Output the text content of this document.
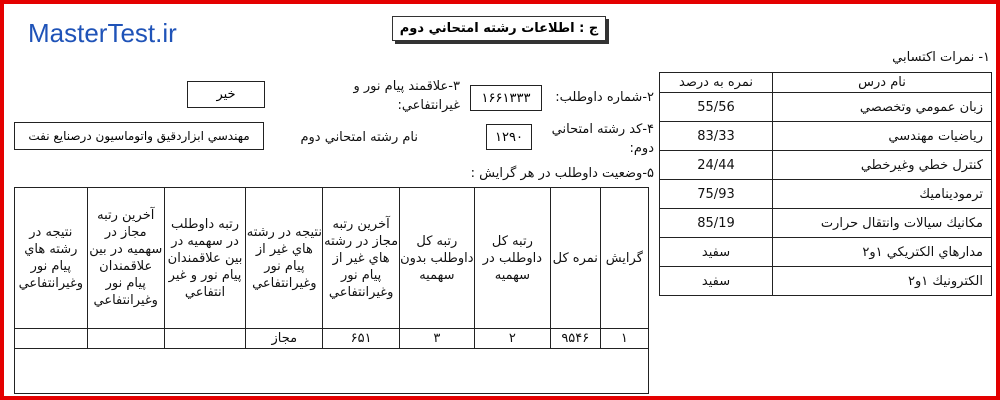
MasterTest.ir	ج : اطلاعات رشته امتحاني دوم
۱- نمرات اكتسابي
نمره به درصد	نام درس
55/56	زبان عمومي وتخصصي
83/33	رياضيات مهندسي
24/44	كنترل خطي وغيرخطي
75/93	ترموديناميك
85/19	مكانيك سيالات وانتقال حرارت
سفيد	مدارهاي الكتريكي ۱و۲
سفيد	الكترونيك ۱و۲
۲-شماره داوطلب:
۱۶۶۱۳۳۳
۳-علاقمند پيام نور و
غيرانتفاعي:
خير
۴-كد رشته امتحاني
دوم:
۱۲۹۰
نام رشته امتحاني دوم
مهندسي ابزاردقيق واتوماسيون درصنايع نفت
۵-وضعيت داوطلب در هر گرايش :
گرايش	نمره كل	رتبه كل داوطلب در سهميه	رتبه كل داوطلب بدون سهميه	آخرين رتبه مجاز در رشته هاي غير از پيام نور وغيرانتفاعي	نتيجه در رشته هاي غير از پيام نور وغيرانتفاعي	رتبه داوطلب در سهميه در بين علاقمندان پيام نور و غير انتفاعي	آخرين رتبه مجاز در سهميه در بين علاقمندان پيام نور وغيرانتفاعي	نتيجه در رشته هاي پيام نور وغيرانتفاعي
۱	۹۵۴۶	۲	۳	۶۵۱	مجاز			
